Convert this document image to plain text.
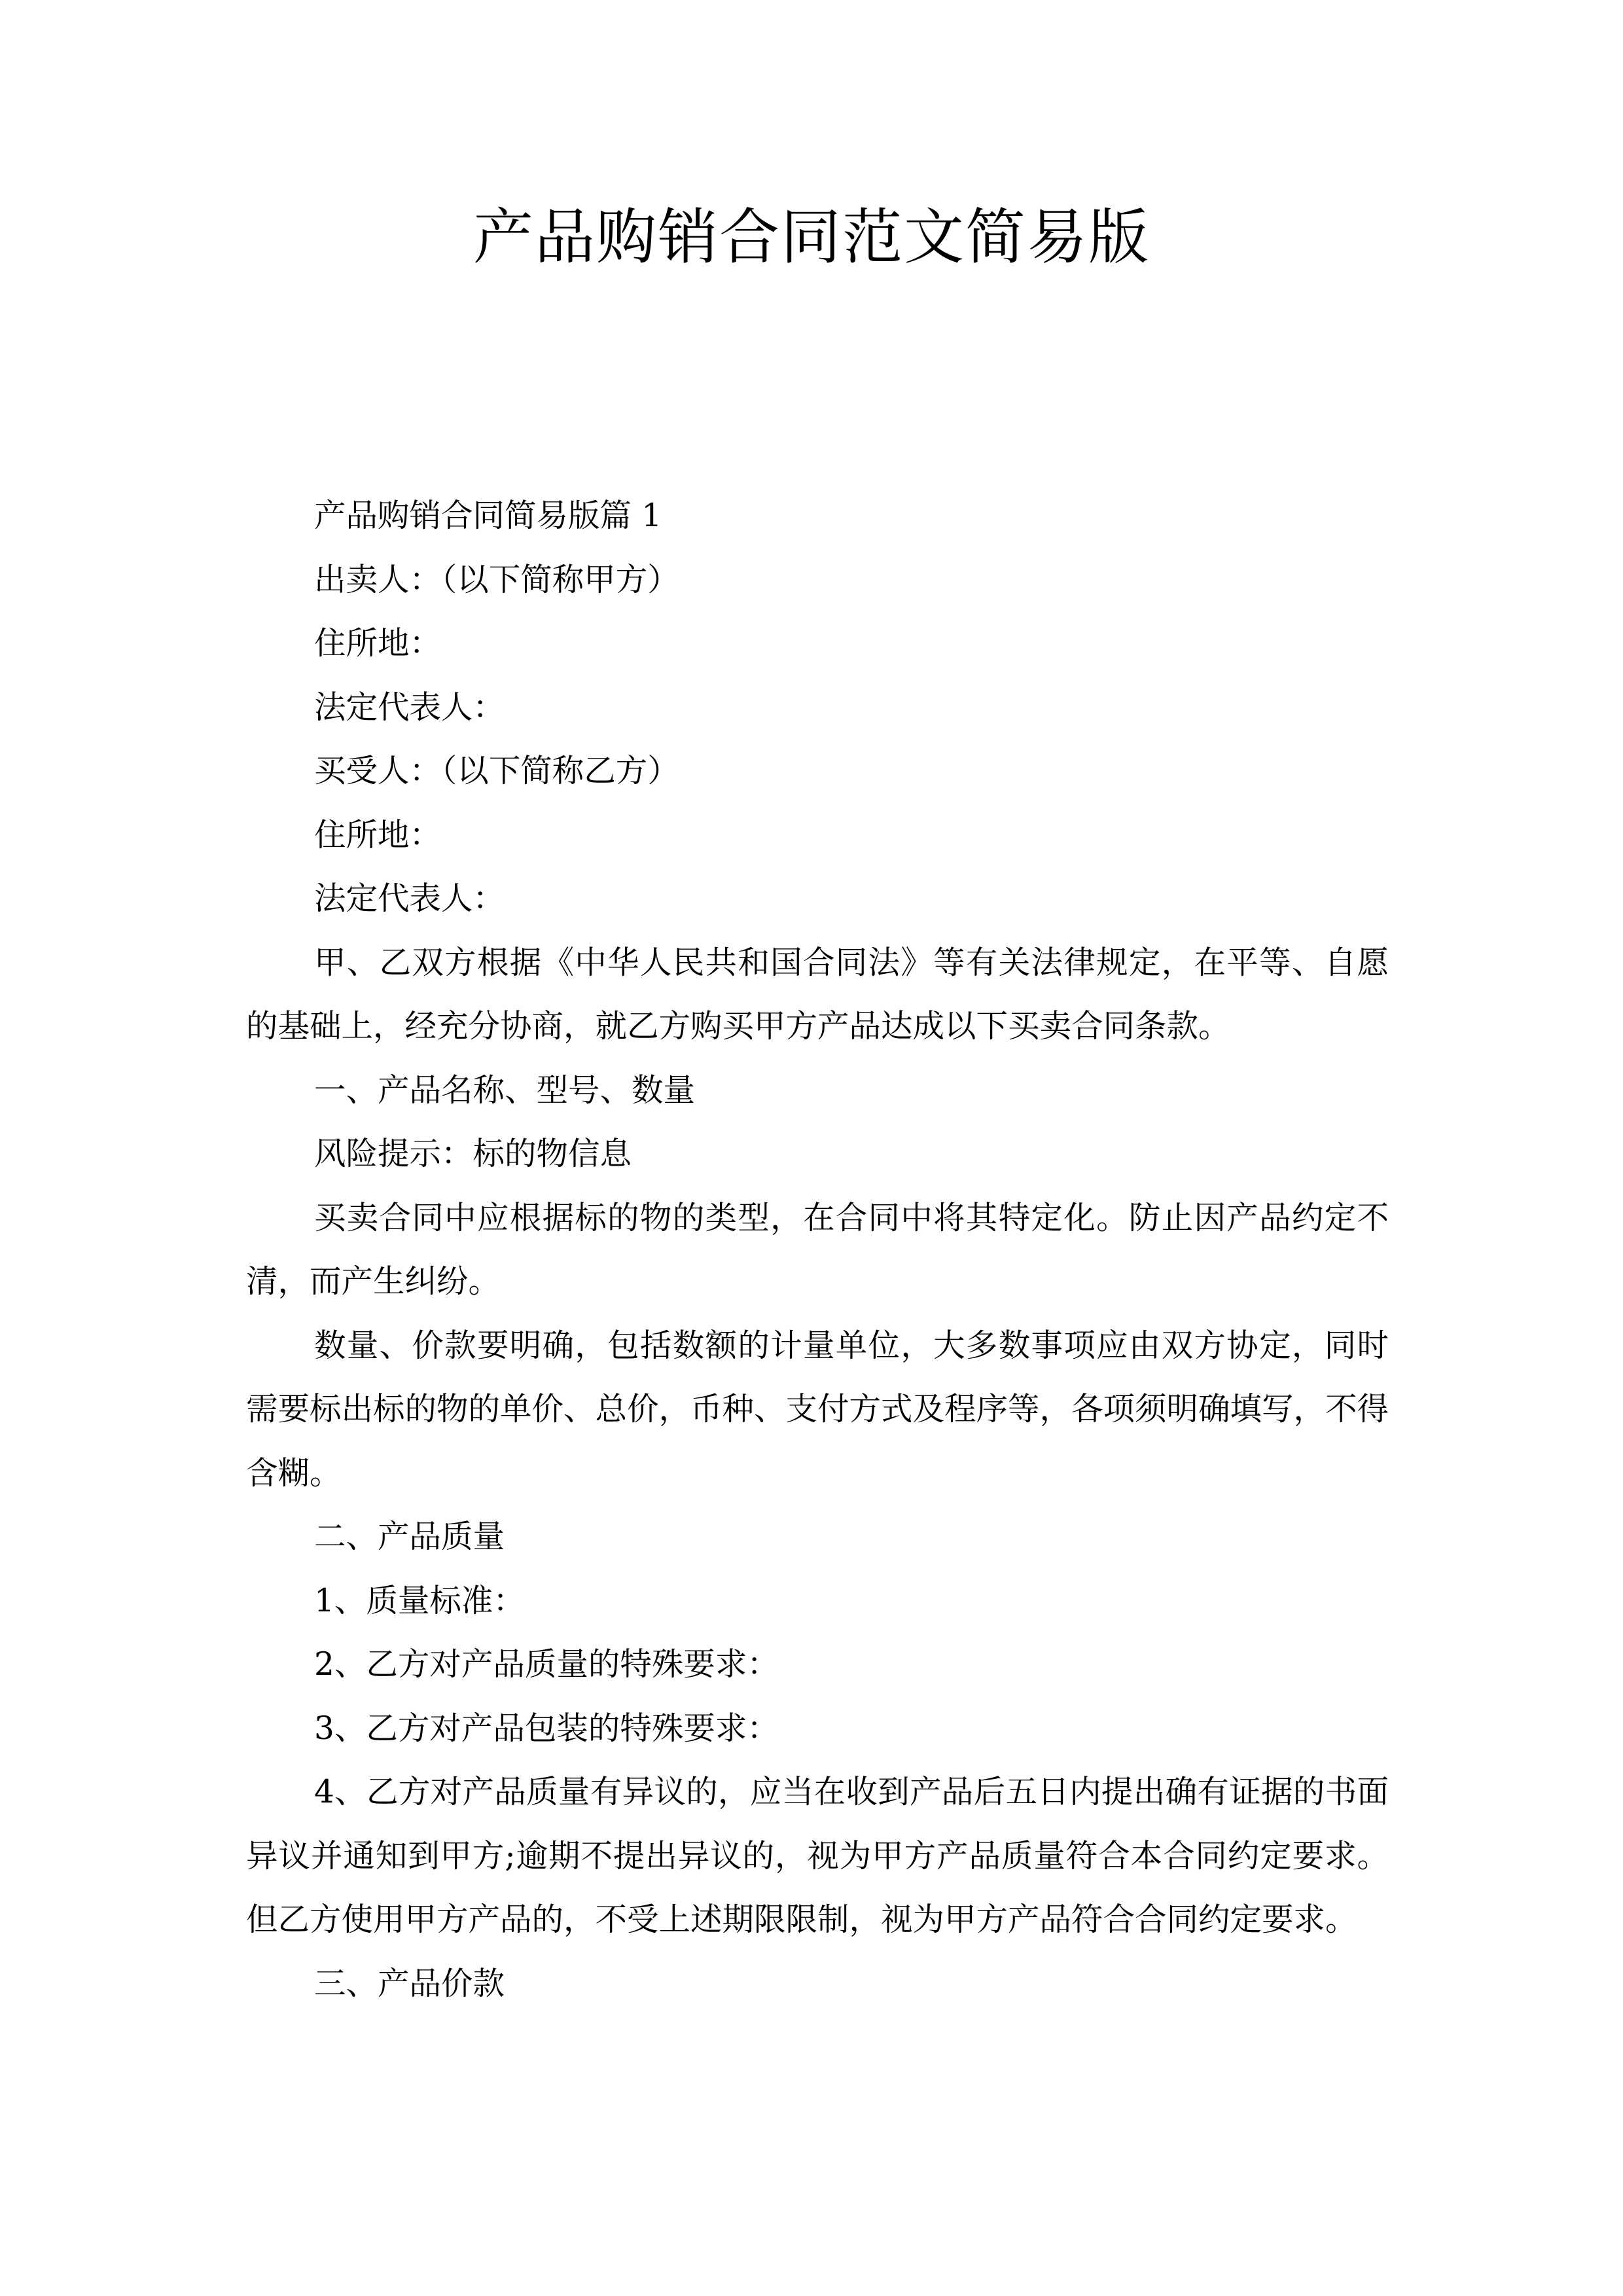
产品购销合同范文简易版

产品购销合同简易版篇 1

出卖人：（以下简称甲方）

住所地：

法定代表人：

买受人：（以下简称乙方）

住所地：

法定代表人：

甲、乙双方根据《中华人民共和国合同法》等有关法律规定，在平等、自愿的基础上，经充分协商，就乙方购买甲方产品达成以下买卖合同条款。

一、产品名称、型号、数量

风险提示：标的物信息

买卖合同中应根据标的物的类型，在合同中将其特定化。防止因产品约定不清，而产生纠纷。

数量、价款要明确，包括数额的计量单位，大多数事项应由双方协定，同时需要标出标的物的单价、总价，币种、支付方式及程序等，各项须明确填写，不得含糊。

二、产品质量

1、质量标准：

2、乙方对产品质量的特殊要求：

3、乙方对产品包装的特殊要求：

4、乙方对产品质量有异议的，应当在收到产品后五日内提出确有证据的书面异议并通知到甲方;逾期不提出异议的，视为甲方产品质量符合本合同约定要求。但乙方使用甲方产品的，不受上述期限限制，视为甲方产品符合合同约定要求。

三、产品价款
